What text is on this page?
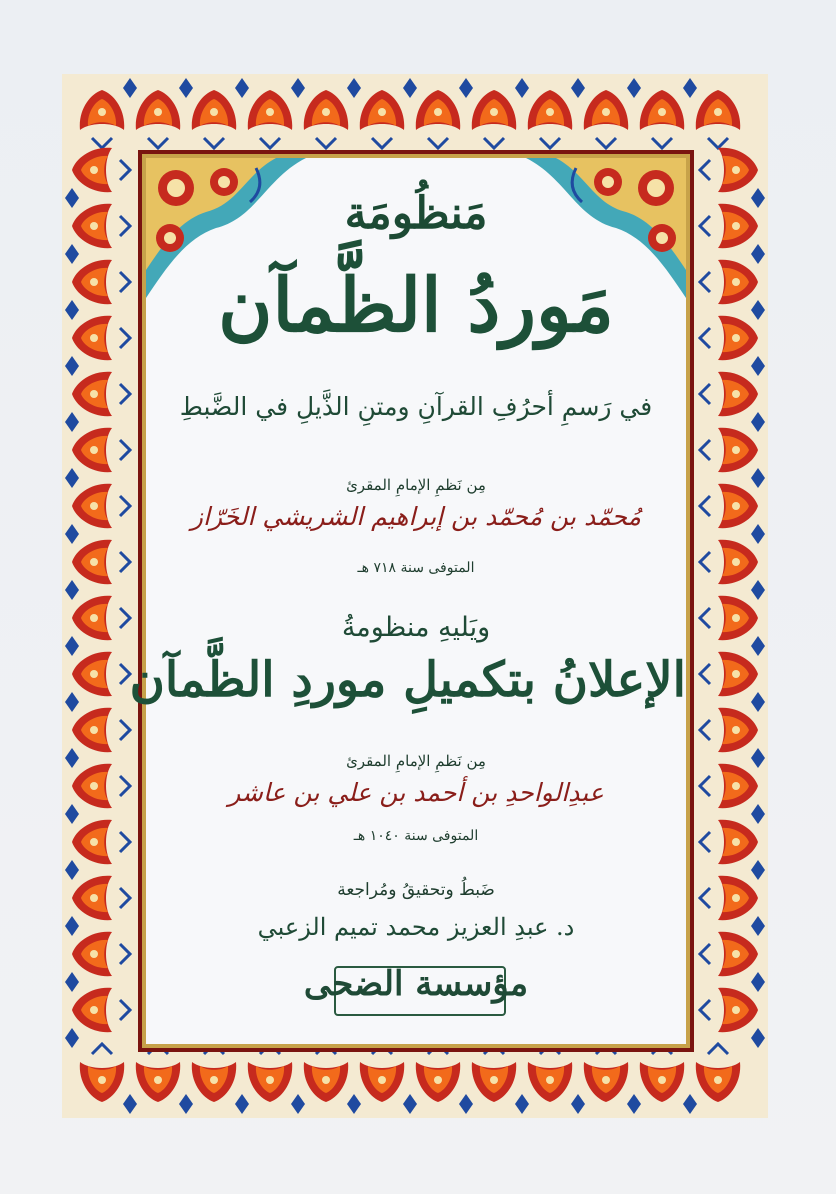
مَنظُومَة
مَوردُ الظَّمآن
في رَسمِ أحرُفِ القرآنِ ومتنِ الذَّيلِ في الضَّبطِ
مِن نَظمِ الإمامِ المقرئ
مُحمّد بن مُحمّد بن إبراهيم الشريشي الخَرّاز
المتوفى سنة ٧١٨ هـ
ويَليهِ منظومةُ
الإعلانُ بتكميلِ موردِ الظَّمآن
مِن نَظمِ الإمامِ المقرئ
عبدِالواحدِ بن أحمد بن علي بن عاشر
المتوفى سنة ١٠٤٠ هـ
ضَبطُ وتحقيقُ ومُراجعة
د. عبدِ العزيز محمد تميم الزعبي
مؤسسة الضحى
